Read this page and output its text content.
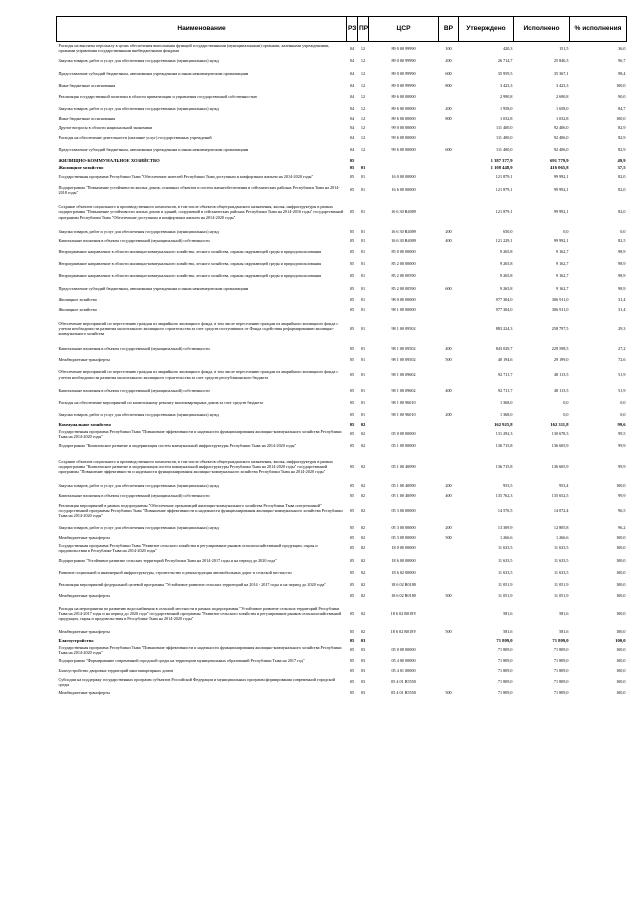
Наименование	РЗ	ПР	ЦСР	ВР	Утверждено	Исполнено	% исполнения
Расходы на выплаты персоналу в целях обеспечения выполнения функций государственными (муниципальными) органами, казенными учреждениями, органами управления государственными внебюджетными фондами	04	12	89 0 00 99990	100	420,3	151,5	36,0
Закупка товаров, работ и услуг для обеспечения государственных (муниципальных) нужд	04	12	89 0 00 99990	200	26 714,7	25 846,3	96,7
Предоставление субсидий бюджетным, автономным учреждениям и иным некоммерческим организациям	04	12	89 0 00 99990	600	35 959,5	35 367,1	98,4
Иные бюджетные ассигнования	04	12	89 0 00 99990	800	3 423,3	3 423,3	100,0
Реализация государственной политики в области приватизации и управления государственной собственностью	04	12	89 6 00 00000		2 990,8	2 690,8	90,0
Закупка товаров, работ и услуг для обеспечения государственных (муниципальных) нужд	04	12	89 6 00 00000	200	1 958,0	1 658,0	84,7
Иные бюджетные ассигнования	04	12	89 6 00 00000	800	1 032,8	1 032,8	100,0
Другие вопросы в области национальной экономики	04	12	99 0 00 00000		111 400,0	92 406,0	82,9
Расходы на обеспечение деятельности (оказание услуг) государственных учреждений	04	12	99 6 00 00000		111 400,0	92 406,0	82,9
Предоставление субсидий бюджетным, автономным учреждениям и иным некоммерческим организациям	04	12	99 6 00 00000	600	111 400,0	92 406,0	82,9
ЖИЛИЩНО-КОММУНАЛЬНОЕ ХОЗЯЙСТВО	05				1 387 377,9	691 779,9	49,9
Жилищное хозяйство	05	01			1 108 448,9	416 065,8	37,5
Государственная программа Республики Тыва "Обеспечение жителей Республики Тыва доступным и комфортным жильем на 2014-2020 годы"	05	01	16 0 00 00000		121 879,1	99 992,1	82,0
Подпрограмма "Повышение устойчивости жилых домов, основных объектов и систем жизнеобеспечения в сейсмических районах Республики Тыва на 2014-2018 годы"	05	01	16 6 00 00000		121 879,1	99 992,1	82,0
Создание объектов социального и производственного комплексов, в том числе объектов общегражданского назначения, жилья, инфраструктуры в рамках подпрограммы "Повышение устойчивости жилых домов и зданий, сооружений в сейсмических районах Республики Тыва на 2014-2016 годы" государственной программы Республики Тыва "Обеспечение доступным и комфортным жильем на 2014-2020 годы"	05	01	16 6 30 R4009		121 879,1	99 992,1	82,0
Закупка товаров, работ и услуг для обеспечения государственных (муниципальных) нужд	05	01	16 6 30 R4009	200	650,0	0,0	0,0
Капитальные вложения в объекты государственной (муниципальной) собственности	05	01	16 6 30 R4009	400	121 229,1	99 992,1	82,5
Непрограммное направление в области жилищно-коммунального хозяйства, лесного хозяйства, охраны окружающей среды и природопользования	05	01	85 0 00 00000		9 265,8	9 162,7	98,9
Непрограммное направление в области жилищно-коммунального хозяйства, лесного хозяйства, охраны окружающей среды и природопользования	05	01	85 2 00 00000		9 265,8	9 162,7	98,9
Непрограммное направление в области жилищно-коммунального хозяйства, лесного хозяйства, охраны окружающей среды и природопользования	05	01	85 2 00 00590		9 265,8	9 162,7	98,9
Предоставление субсидий бюджетным, автономным учреждениям и иным некоммерческим организациям	05	01	85 2 00 00590	600	9 265,8	9 162,7	98,9
Жилищное хозяйство	05	01	98 0 00 00000		977 304,0	306 911,0	31,4
Жилищное хозяйство	05	01	98 1 00 00000		977 304,0	306 911,0	31,4
Обеспечение мероприятий по переселению граждан из аварийного жилищного фонда, в том числе переселению граждан из аварийного жилищного фонда с учетом необходимости развития малоэтажного жилищного строительства за счет средств поступивших от Фонда содействия реформированию жилищно-коммунального хозяйства	05	01	98 1 00 09502		883 224,3	258 797,5	29,3
Капитальные вложения в объекты государственной (муниципальной) собственности	05	01	98 1 00 09502	400	843 029,7	229 598,5	27,2
Межбюджетные трансферты	05	01	98 1 00 09502	500	40 194,6	29 199,0	72,6
Обеспечение мероприятий по переселению граждан из аварийного жилищного фонда, в том числе переселению граждан из аварийного жилищного фонда с учетом необходимости развития малоэтажного жилищного строительства за счет средств республиканского бюджета	05	01	98 1 00 09602		92 711,7	48 113,5	51,9
Капитальные вложения в объекты государственной (муниципальной) собственности	05	01	98 1 00 09602	400	92 711,7	48 113,5	51,9
Расходы на обеспечение мероприятий по капитальному ремонту многоквартирных домов за счет средств бюджета	05	01	98 1 00 96010		1 368,0	0,0	0,0
Закупка товаров, работ и услуг для обеспечения государственных (муниципальных) нужд	05	01	98 1 00 96010	200	1 368,0	0,0	0,0
Коммунальное хозяйство	05	02			162 925,8	162 311,8	99,6
Государственная программа Республики Тыва "Повышение эффективности и надежности функционирования жилищно-коммунального хозяйства Республики Тыва на 2014-2020 годы"	05	02	05 0 00 00000		131 292,3	130 678,3	99,5
Подпрограмма "Комплексное развитие и модернизация систем коммунальной инфраструктуры Республики Тыва на 2014-2020 годы"	05	02	05 1 00 00000		136 715,8	136 605,9	99,9
Создание объектов социального и производственного комплексов, в том числе объектов общегражданского назначения, жилья, инфраструктуры в рамках подпрограммы "Комплексное развитие и модернизация систем коммунальной инфраструктуры Республики Тыва на 2014-2020 годы" государственной программы "Повышение эффективности и надежности функционирования жилищно-коммунального хозяйства Республики Тыва на 2014-2020 годы"	05	02	05 1 00 40090		136 715,8	136 605,9	99,9
Закупка товаров, работ и услуг для обеспечения государственных (муниципальных) нужд	05	02	05 1 00 40090	200	953,5	953,4	100,0
Капитальные вложения в объекты государственной (муниципальной) собственности	05	02	05 1 00 40090	400	135 762,3	135 652,5	99,9
Реализация мероприятий в рамках подпрограммы "Обеспечение организаций жилищно-коммунального хозяйства Республики Тыва спецтехникой" государственной программы Республики Тыва "Повышение эффективности и надежности функционирования жилищно-коммунального хозяйства Республики Тыва на 2014-2020 годы"	05	02	05 3 00 00000		14 576,5	14 072,4	96,5
Закупка товаров, работ и услуг для обеспечения государственных (муниципальных) нужд	05	02	05 3 00 00000	200	13 309,9	12 805,8	96,2
Межбюджетные трансферты	05	02	05 3 00 00000	500	1 266,6	1 266,6	100,0
Государственная программа Республики Тыва "Развитие сельского хозяйства и регулирование рынков сельскохозяйственной продукции, сырья и продовольствия в Республике Тыва на 2014-2020 годы"	05	02	18 0 00 00000		11 633,5	11 633,5	100,0
Подпрограмма "Устойчивое развитие сельских территорий Республики Тыва на 2014-2017 годы и на период до 2020 года"	05	02	18 6 00 00000		11 633,5	11 633,5	100,0
Развитие социальной и инженерной инфраструктуры, строительство и реконструкция автомобильных дорог в сельской местности	05	02	18 6 02 00000		11 633,5	11 633,5	100,0
Реализация мероприятий федеральной целевой программы "Устойчивое развитие сельских территорий на 2014 - 2017 годы и на период до 2020 года"	05	02	18 6 02 R0180		11 051,9	11 051,9	100,0
Межбюджетные трансферты	05	02	18 6 02 R0180	500	11 051,9	11 051,9	100,0
Расходы на мероприятия по развитию водоснабжения в сельской местности в рамках подпрограммы "Устойчивое развитие сельских территорий Республики Тыва на 2014-2017 годы и на период до 2020 года" государственной программы "Развитие сельского хозяйства и регулирование рынков сельскохозяйственной продукции, сырья и продовольствия в Республике Тыва на 2014-2020 годы"	05	02	18 6 02 R018V		581,6	581,6	100,0
Межбюджетные трансферты	05	02	18 6 02 R018V	500	581,6	581,6	100,0
Благоустройство	05	03			71 809,0	71 809,0	100,0
Государственная программа Республики Тыва "Повышение эффективности и надежности функционирования жилищно-коммунального хозяйства Республики Тыва на 2014-2020 годы"	05	03	05 0 00 00000		71 809,0	71 809,0	100,0
Подпрограмма "Формирование современной городской среды на территории муниципальных образований Республики Тыва на 2017 год"	05	03	05 4 00 00000		71 809,0	71 809,0	100,0
Благоустройство дворовых территорий многоквартирных домов	05	03	05 4 01 00000		71 809,0	71 809,0	100,0
Субсидии на поддержку государственных программ субъектов Российской Федерации и муниципальных программ формирования современной городской среды	05	03	05 4 01 R5550		71 809,0	71 809,0	100,0
Межбюджетные трансферты	05	03	05 4 01 R5550	500	71 809,0	71 809,0	100,0
